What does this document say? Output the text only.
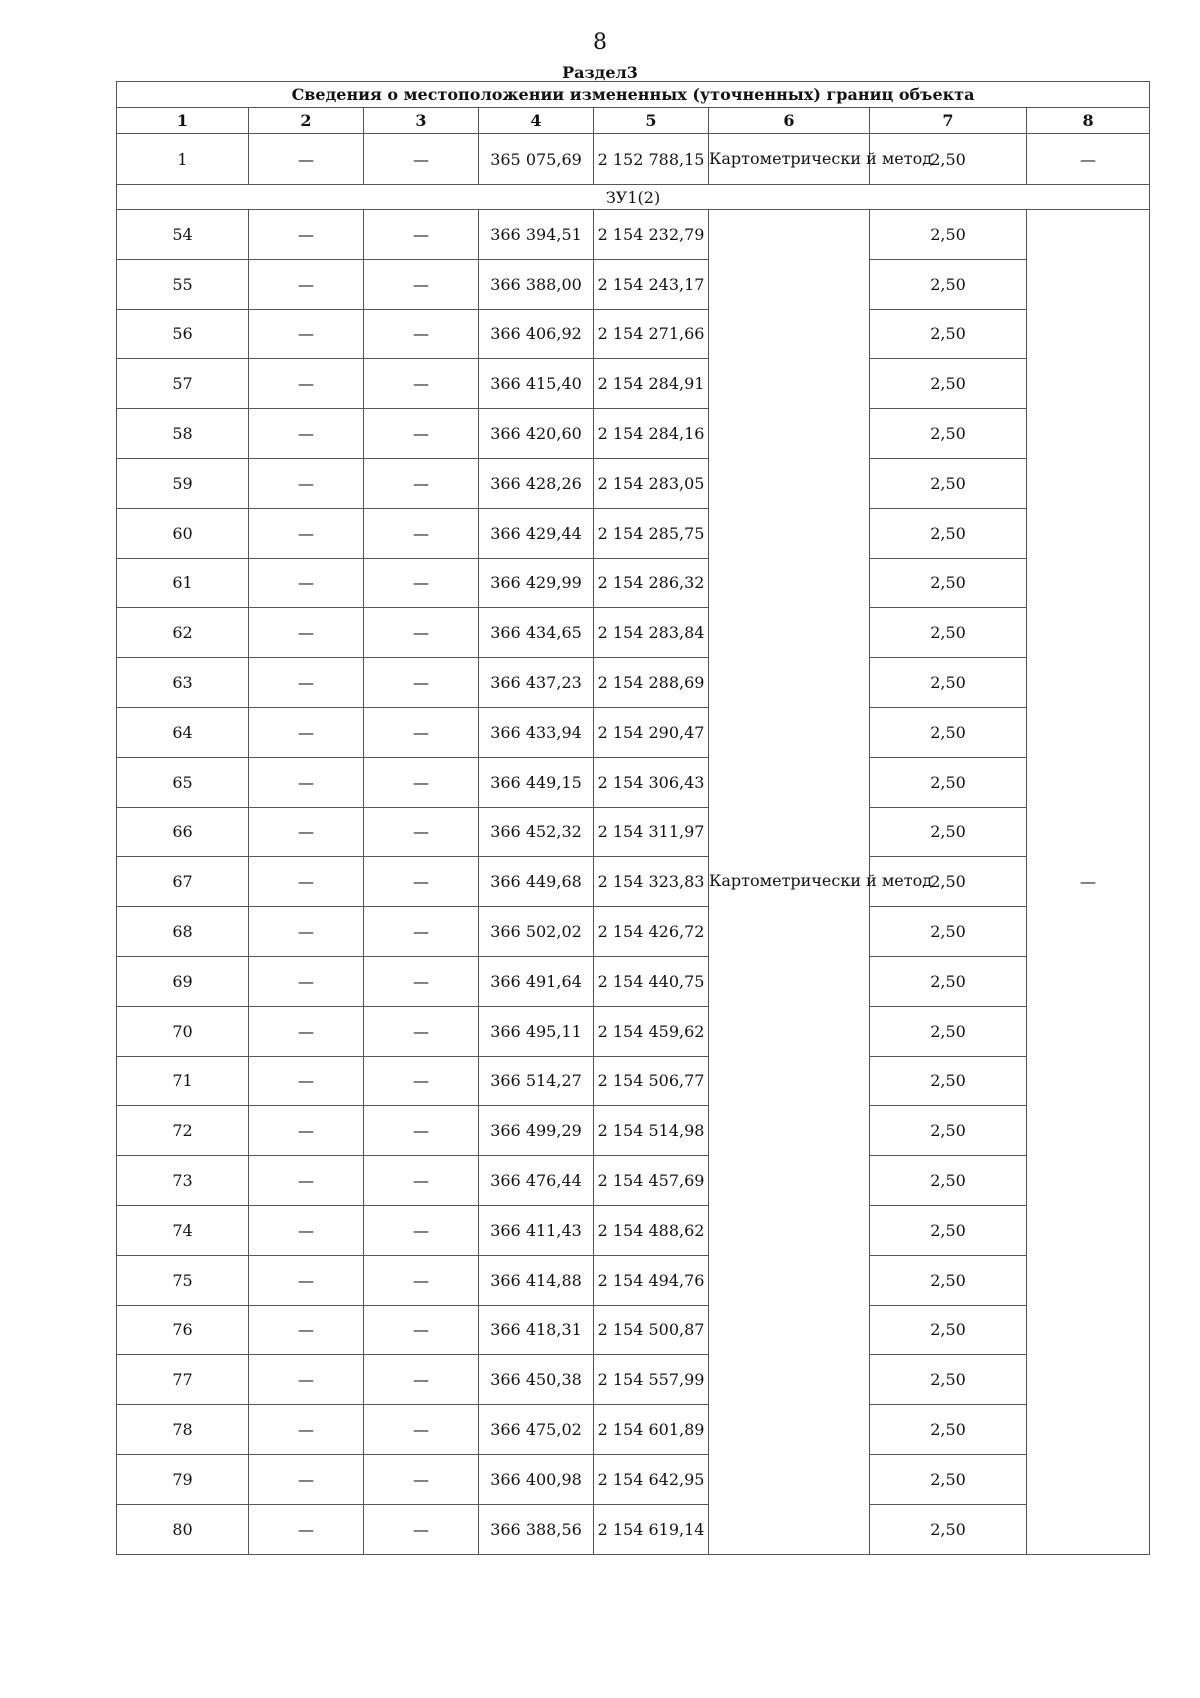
8
Раздел3
Сведения о местоположении измененных (уточненных) границ объекта							
1	2	3	4	5	6	7	8
1	—	—	365 075,69	2 152 788,15	Картометрически й метод	2,50	—
ЗУ1(2)							
54	—	—	366 394,51	2 154 232,79	Картометрически й метод	2,50	—
55	—	—	366 388,00	2 154 243,17		2,50	
56	—	—	366 406,92	2 154 271,66		2,50	
57	—	—	366 415,40	2 154 284,91		2,50	
58	—	—	366 420,60	2 154 284,16		2,50	
59	—	—	366 428,26	2 154 283,05		2,50	
60	—	—	366 429,44	2 154 285,75		2,50	
61	—	—	366 429,99	2 154 286,32		2,50	
62	—	—	366 434,65	2 154 283,84		2,50	
63	—	—	366 437,23	2 154 288,69		2,50	
64	—	—	366 433,94	2 154 290,47		2,50	
65	—	—	366 449,15	2 154 306,43		2,50	
66	—	—	366 452,32	2 154 311,97		2,50	
67	—	—	366 449,68	2 154 323,83		2,50	
68	—	—	366 502,02	2 154 426,72		2,50	
69	—	—	366 491,64	2 154 440,75		2,50	
70	—	—	366 495,11	2 154 459,62		2,50	
71	—	—	366 514,27	2 154 506,77		2,50	
72	—	—	366 499,29	2 154 514,98		2,50	
73	—	—	366 476,44	2 154 457,69		2,50	
74	—	—	366 411,43	2 154 488,62		2,50	
75	—	—	366 414,88	2 154 494,76		2,50	
76	—	—	366 418,31	2 154 500,87		2,50	
77	—	—	366 450,38	2 154 557,99		2,50	
78	—	—	366 475,02	2 154 601,89		2,50	
79	—	—	366 400,98	2 154 642,95		2,50	
80	—	—	366 388,56	2 154 619,14		2,50	
